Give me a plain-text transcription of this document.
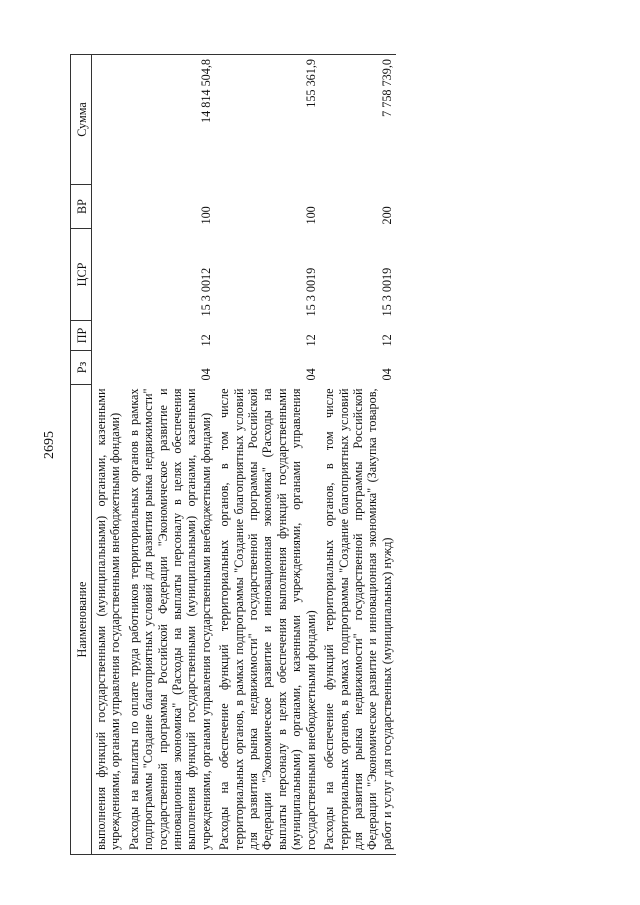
2695
Наименование	Рз	ПР	ЦСР	ВР	Сумма
выполнения функций государственными (муниципальными) органами, казенными учреждениями, органами управления государственными внебюджетными фондами)					
Расходы на выплаты по оплате труда работников территориальных органов в рамках подпрограммы "Создание благоприятных условий для развития рынка недвижимости" государственной программы Российской Федерации "Экономическое развитие и инновационная экономика" (Расходы на выплаты персоналу в целях обеспечения выполнения функций государственными (муниципальными) органами, казенными учреждениями, органами управления государственными внебюджетными фондами)	04	12	15 3 0012	100	14 814 504,8
Расходы на обеспечение функций территориальных органов, в том числе территориальных органов, в рамках подпрограммы "Создание благоприятных условий для развития рынка недвижимости" государственной программы Российской Федерации "Экономическое развитие и инновационная экономика" (Расходы на выплаты персоналу в целях обеспечения выполнения функций государственными (муниципальными) органами, казенными учреждениями, органами управления государственными внебюджетными фондами)	04	12	15 3 0019	100	155 361,9
Расходы на обеспечение функций территориальных органов, в том числе территориальных органов, в рамках подпрограммы "Создание благоприятных условий для развития рынка недвижимости" государственной программы Российской Федерации "Экономическое развитие и инновационная экономика" (Закупка товаров, работ и услуг для государственных (муниципальных) нужд)	04	12	15 3 0019	200	7 758 739,0
